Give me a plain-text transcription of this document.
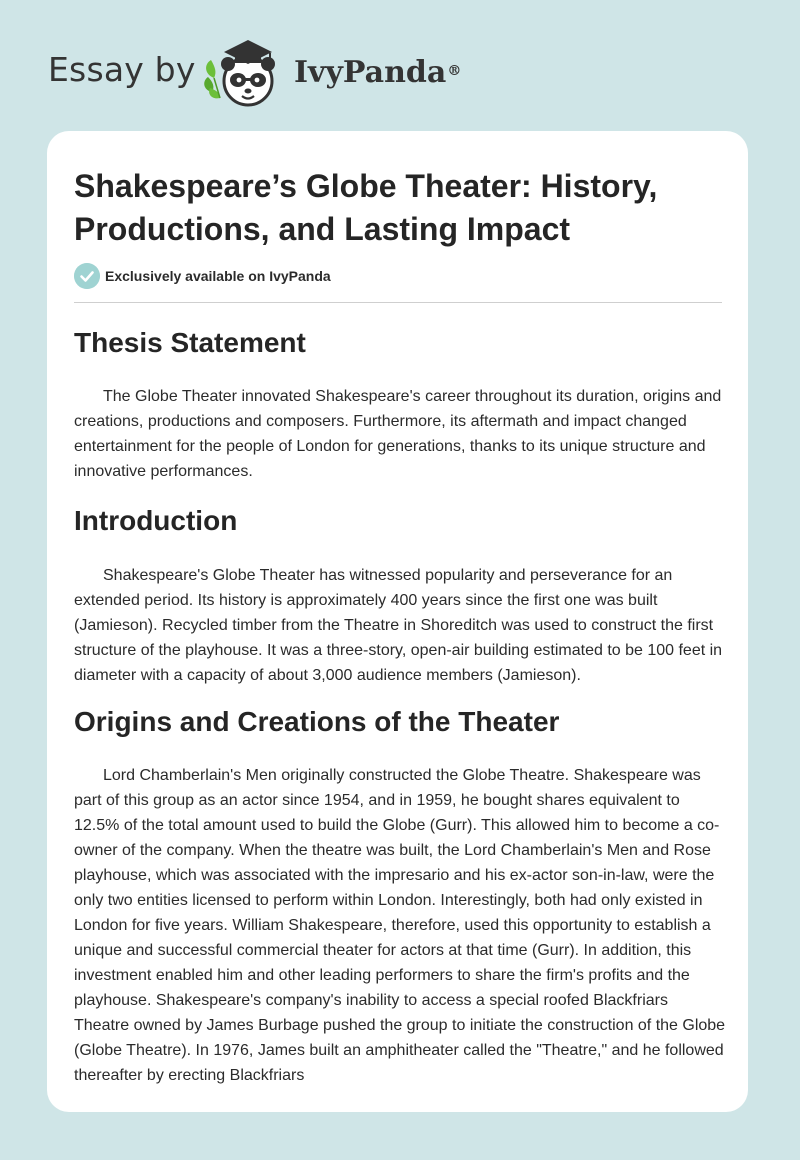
Essay by	IvyPanda®
Shakespeare’s Globe Theater: History, Productions, and Lasting Impact
Exclusively available on IvyPanda
Thesis Statement

The Globe Theater innovated Shakespeare's career throughout its duration, origins and creations, productions and composers. Furthermore, its aftermath and impact changed entertainment for the people of London for generations, thanks to its unique structure and innovative performances.

Introduction

Shakespeare's Globe Theater has witnessed popularity and perseverance for an extended period. Its history is approximately 400 years since the first one was built (Jamieson). Recycled timber from the Theatre in Shoreditch was used to construct the first structure of the playhouse. It was a three-story, open-air building estimated to be 100 feet in diameter with a capacity of about 3,000 audience members (Jamieson).

Origins and Creations of the Theater

Lord Chamberlain's Men originally constructed the Globe Theatre. Shakespeare was part of this group as an actor since 1954, and in 1959, he bought shares equivalent to 12.5% of the total amount used to build the Globe (Gurr). This allowed him to become a co-owner of the company. When the theatre was built, the Lord Chamberlain's Men and Rose playhouse, which was associated with the impresario and his ex-actor son-in-law, were the only two entities licensed to perform within London. Interestingly, both had only existed in London for five years. William Shakespeare, therefore, used this opportunity to establish a unique and successful commercial theater for actors at that time (Gurr). In addition, this investment enabled him and other leading performers to share the firm's profits and the playhouse. Shakespeare's company's inability to access a special roofed Blackfriars Theatre owned by James Burbage pushed the group to initiate the construction of the Globe (Globe Theatre). In 1976, James built an amphitheater called the "Theatre," and he followed thereafter by erecting Blackfriars
